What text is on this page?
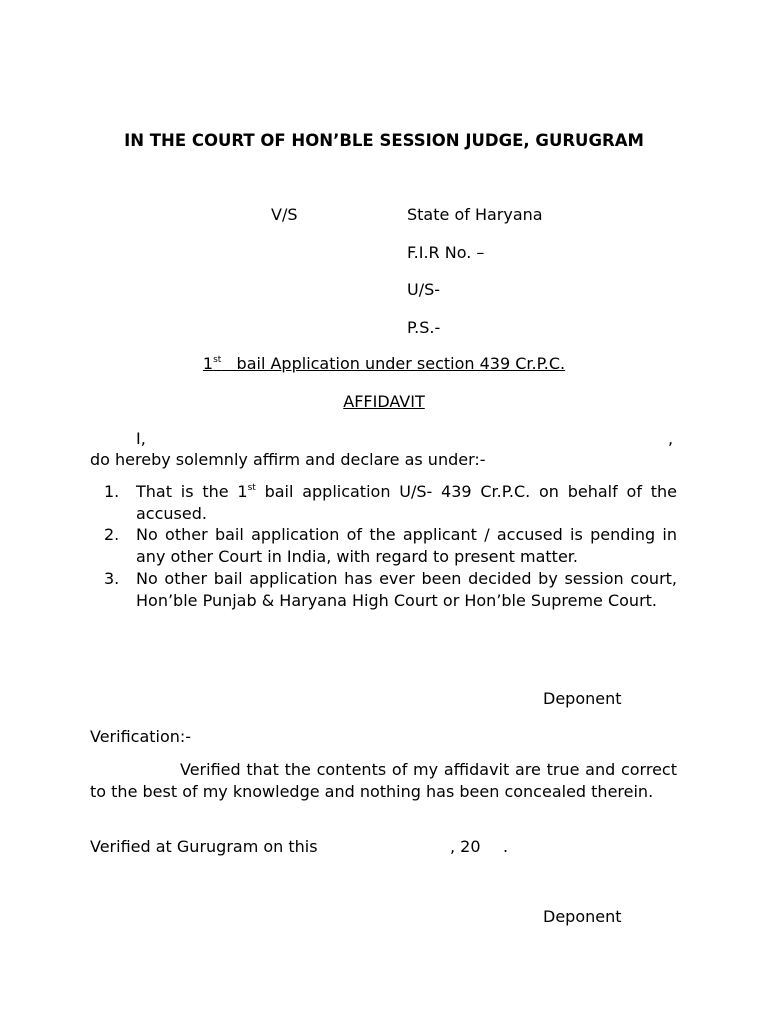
IN THE COURT OF HON’BLE SESSION JUDGE, GURUGRAM

V/S	State of Haryana
F.I.R No. –
U/S-
P.S.-

1st bail Application under section 439 Cr.P.C.

AFFIDAVIT

I,	,
do hereby solemnly affirm and declare as under:-
1.	That is the 1st bail application U/S- 439 Cr.P.C. on behalf of the accused.
2.	No other bail application of the applicant / accused is pending in any other Court in India, with regard to present matter.
3.	No other bail application has ever been decided by session court, Hon’ble Punjab & Haryana High Court or Hon’ble Supreme Court.
Deponent
Verification:-

Verified that the contents of my affidavit are true and correct to the best of my knowledge and nothing has been concealed therein.

Verified at Gurugram on this	, 20 .
Deponent
